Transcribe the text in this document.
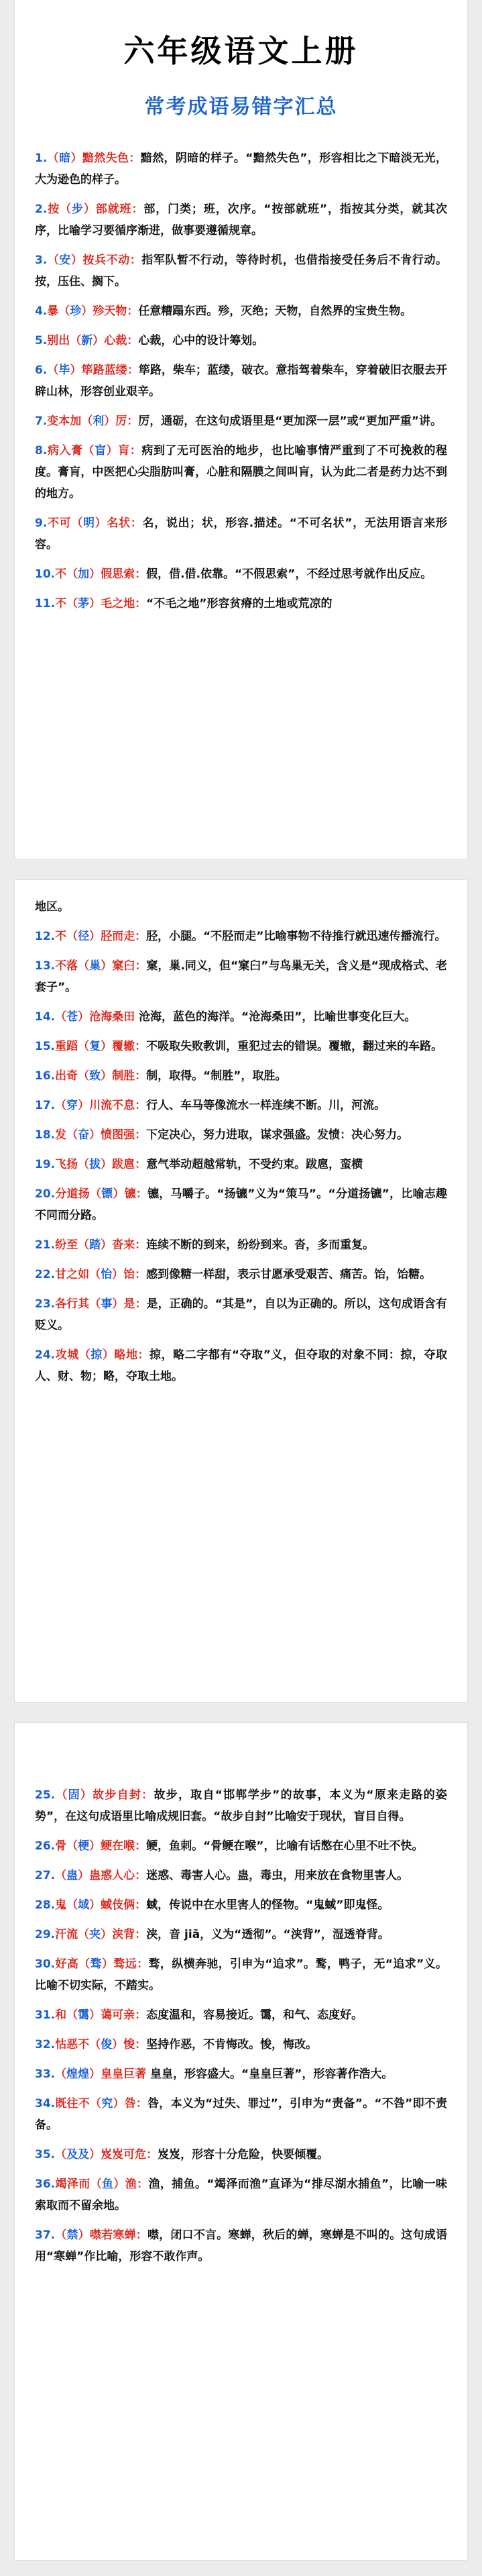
六年级语文上册
常考成语易错字汇总

1.（暗）黯然失色：黯然，阴暗的样子。“黯然失色”，形容相比之下暗淡无光，大为逊色的样子。

2.按（步）部就班：部，门类；班，次序。“按部就班”，指按其分类，就其次序，比喻学习要循序渐进，做事要遵循规章。

3.（安）按兵不动：指军队暂不行动，等待时机，也借指接受任务后不肯行动。按，压住、搁下。

4.暴（珍）殄天物：任意糟蹋东西。殄，灭绝；天物，自然界的宝贵生物。

5.别出（新）心裁：心裁，心中的设计筹划。

6.（毕）筚路蓝缕：筚路，柴车；蓝缕，破衣。意指驾着柴车，穿着破旧衣服去开辟山林，形容创业艰辛。

7.变本加（利）厉：厉，通砺，在这句成语里是“更加深一层”或“更加严重”讲。

8.病入膏（盲）肓：病到了无可医治的地步，也比喻事情严重到了不可挽救的程度。膏肓，中医把心尖脂肪叫膏，心脏和隔膜之间叫肓，认为此二者是药力达不到的地方。

9.不可（明）名状：名，说出；状，形容.描述。“不可名状”，无法用语言来形容。

10.不（加）假思索：假，借.借.依靠。“不假思索”，不经过思考就作出反应。

11.不（茅）毛之地：“不毛之地”形容贫瘠的土地或荒凉的

地区。

12.不（径）胫而走：胫，小腿。“不胫而走”比喻事物不待推行就迅速传播流行。

13.不落（巢）窠臼：窠，巢.同义，但“窠臼”与鸟巢无关，含义是“现成格式、老套子”。

14.（苍）沧海桑田 沧海，蓝色的海洋。“沧海桑田”，比喻世事变化巨大。

15.重蹈（复）覆辙：不吸取失败教训，重犯过去的错误。覆辙，翻过来的车路。

16.出奇（致）制胜：制，取得。“制胜”，取胜。

17.（穿）川流不息：行人、车马等像流水一样连续不断。川，河流。

18.发（奋）愤图强：下定决心，努力进取，谋求强盛。发愤：决心努力。

19.飞扬（拔）跋扈：意气举动超越常轨，不受约束。跋扈，蛮横

20.分道扬（镖）镳：镳，马嚼子。“扬镳”义为“策马”。“分道扬镳”，比喻志趣不同而分路。

21.纷至（踏）沓来：连续不断的到来，纷纷到来。沓，多而重复。

22.甘之如（怡）饴：感到像糖一样甜，表示甘愿承受艰苦、痛苦。饴，饴糖。

23.各行其（事）是：是，正确的。“其是”，自以为正确的。所以，这句成语含有贬义。

24.攻城（掠）略地：掠，略二字都有“夺取”义，但夺取的对象不同：掠，夺取人、财、物；略，夺取土地。

25.（固）故步自封：故步，取自“邯郸学步”的故事，本义为“原来走路的姿势”，在这句成语里比喻成规旧套。“故步自封”比喻安于现状，盲目自得。

26.骨（梗）鲠在喉：鲠，鱼刺。“骨鲠在喉”，比喻有话憋在心里不吐不快。

27.（蛊）蛊惑人心：迷惑、毒害人心。蛊，毒虫，用来放在食物里害人。

28.鬼（域）蜮伎俩：蜮，传说中在水里害人的怪物。“鬼蜮”即鬼怪。

29.汗流（夹）浃背：浃，音 jiā，义为“透彻”。“浃背”，湿透脊背。

30.好高（骛）骛远：骛，纵横奔驰，引申为“追求”。鹜，鸭子，无“追求”义。比喻不切实际，不踏实。

31.和（霭）蔼可亲：态度温和，容易接近。霭，和气、态度好。

32.怙恶不（俊）悛：坚持作恶，不肯悔改。悛，悔改。

33.（煌煌）皇皇巨著 皇皇，形容盛大。“皇皇巨著”，形容著作浩大。

34.既往不（究）咎：咎，本义为“过失、罪过”，引申为“责备”。“不咎”即不责备。

35.（及及）岌岌可危：岌岌，形容十分危险，快要倾覆。

36.竭泽而（鱼）渔：渔，捕鱼。“竭泽而渔”直译为“排尽湖水捕鱼”，比喻一味索取而不留余地。

37.（禁）噤若寒蝉：噤，闭口不言。寒蝉，秋后的蝉，寒蝉是不叫的。这句成语用“寒蝉”作比喻，形容不敢作声。
